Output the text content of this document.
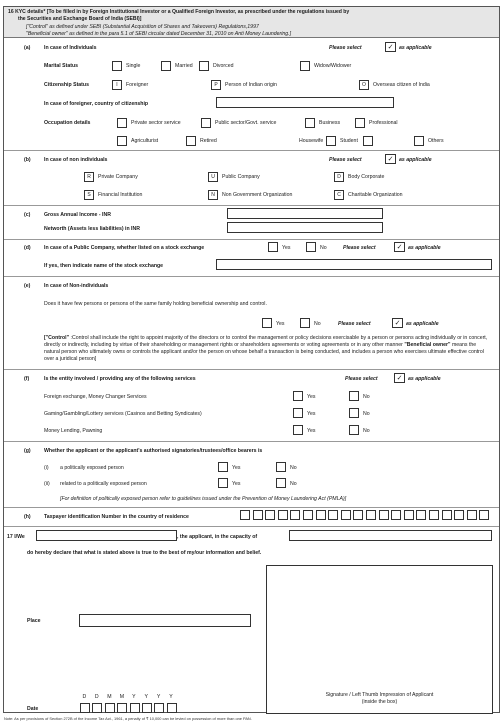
16 KYC details* [To be filled in by Foreign Institutional Investor or a Qualified Foreign Investor, as prescribed under the regulations issued by
the Securities and Exchange Board of India (SEBI)]
["Control" as defined under SEBI (Substantial Acquisition of Shares and Takeovers) Regulations,1997
"Beneficial owner" as defined in the para 5.1 of SEBI circular dated December 31, 2010 on Anti Money Laundering.]
(a)	In case of Individuals	Please select	✓	as applicable
Marital Status	Single	Married	Divorced	Widow/Widower
Citizenship Status	I	Foreigner	P	Person of Indian origin	O	Overseas citizen of India
In case of foreigner, country of citizenship
Occupation details	Private sector service	Public sector/Govt. service	Business	Professional
Agriculturist	Retired	Housewife	Student	Others
(b)	In case of non individuals	Please select	✓	as applicable
R	Private Company	U	Public Company	D	Body Corporate
S	Financial Institution	N	Non Government Organization	C	Charitable Organization
(c)	Gross Annual Income - INR
Networth (Assets less liabilities) in INR
(d)	In case of a Public Company, whether listed on a stock exchange	Yes	No	Please select	✓	as applicable
If yes, then indicate name of the stock exchange
(e)	In case of Non-individuals
Does it have few persons or persons of the same family holding beneficial ownership and control.
Yes	No	Please select	✓	as applicable
["Control" :Control shall include the right to appoint majority of the directors or to control the management or policy decisions exercisable by a person or persons acting individually or in concert, directly or indirectly, including by virtue of their shareholding or management rights or shareholders agreements or voting agreements or in any other manner "Beneficial owner" means the natural person who ultimately owns or controls the applicant and/or the person on whose behalf a transaction is being conducted, and includes a person who exercises ultimate effective control over a juridical person]
(f)	Is the entity involved / providing any of the following services	Please select	✓	as applicable
Foreign exchange, Money Changer Services	Yes	No
Gaming/Gambling/Lottery services (Casinos and Betting Syndicates)	Yes	No
Money Lending, Pawning	Yes	No
(g)	Whether the applicant or the applicant's authorised signatories/trustees/office bearers is
(i) a politically exposed person	Yes	No
(ii) related to a politically exposed person	Yes	No
[For definition of politically exposed person refer to guidelines issued under the Prevention of Money Laundering Act (PMLA)]
(h)	Taxpayer identification Number in the country of residence
17 I/We	, the applicant, in the capacity of
do hereby declare that what is stated above is true to the best of my/our information and belief.
Place
D D M M Y Y Y Y
Date
Signature / Left Thumb Impression of Applicant
(inside the box)
Note: As per provisions of Section 272B of the Income Tax Act., 1961, a penalty of ₹ 10,000 can be levied on possession of more than one PAN.
